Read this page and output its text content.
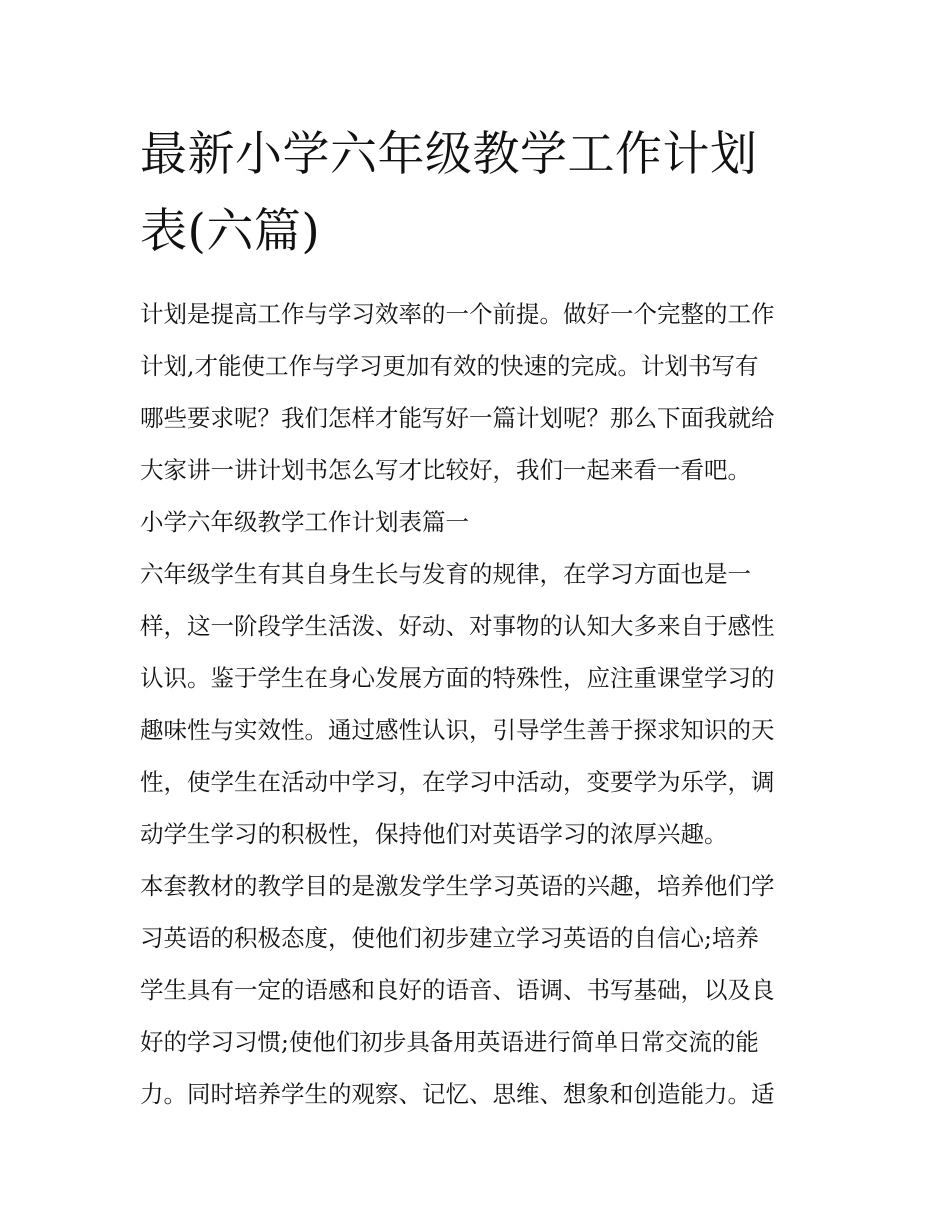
最新小学六年级教学工作计划
表(六篇)
计划是提高工作与学习效率的一个前提。做好一个完整的工作
计划,才能使工作与学习更加有效的快速的完成。计划书写有
哪些要求呢？我们怎样才能写好一篇计划呢？那么下面我就给
大家讲一讲计划书怎么写才比较好，我们一起来看一看吧。
小学六年级教学工作计划表篇一
六年级学生有其自身生长与发育的规律，在学习方面也是一
样，这一阶段学生活泼、好动、对事物的认知大多来自于感性
认识。鉴于学生在身心发展方面的特殊性，应注重课堂学习的
趣味性与实效性。通过感性认识，引导学生善于探求知识的天
性，使学生在活动中学习，在学习中活动，变要学为乐学，调
动学生学习的积极性，保持他们对英语学习的浓厚兴趣。
本套教材的教学目的是激发学生学习英语的兴趣，培养他们学
习英语的积极态度，使他们初步建立学习英语的自信心;培养
学生具有一定的语感和良好的语音、语调、书写基础，以及良
好的学习习惯;使他们初步具备用英语进行简单日常交流的能
力。同时培养学生的观察、记忆、思维、想象和创造能力。适
